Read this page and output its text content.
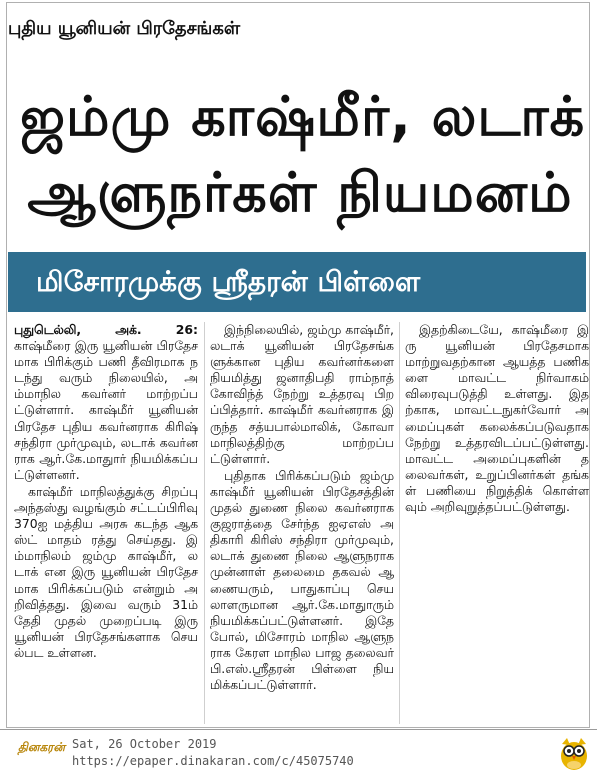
புதிய யூனியன் பிரதேசங்கள்
ஜம்மு காஷ்மீர், லடாக்
ஆளுநர்கள் நியமனம்
மிசோரமுக்கு ஸ்ரீதரன் பிள்ளை

புதுடெல்லி, அக். 26: காஷ்மீரை இரு யூனியன் பிரதேசமாக பிரிக்கும் பணி தீவிரமாக நடந்து வரும் நிலையில், அம்மாநில கவர்னர் மாற்றப்பட்டுள்ளார். காஷ்மீர் யூனியன் பிரதேச புதிய கவர்னராக கிரிஷ் சந்திரா முர்முவும், லடாக் கவர்னராக ஆர்.கே.மாதுார் நியமிக்கப்பட்டுள்ளனர்.

காஷ்மீர் மாநிலத்துக்கு சிறப்பு அந்தஸ்து வழங்கும் சட்டப்பிரிவு 370ஐ மத்திய அரசு கடந்த ஆகஸ்ட் மாதம் ரத்து செய்தது. இம்மாநிலம் ஜம்மு காஷ்மீர், லடாக் என இரு யூனியன் பிரதேசமாக பிரிக்கப்படும் என்றும் அறிவித்தது. இவை வரும் 31ம் தேதி முதல் முறைப்படி இரு யூனியன் பிரதேசங்களாக செயல்பட உள்ளன.

இந்நிலையில், ஜம்மு காஷ்மீர், லடாக் யூனியன் பிரதேசங்களுக்கான புதிய கவர்னர்களை நியமித்து ஜனாதிபதி ராம்நாத் கோவிந்த் நேற்று உத்தரவு பிறப்பித்தார். காஷ்மீர் கவர்னராக இருந்த சத்யபால்மாலிக், கோவா மாநிலத்திற்கு மாற்றப்பட்டுள்ளார்.

புதிதாக பிரிக்கப்படும் ஜம்மு காஷ்மீர் யூனியன் பிரதேசத்தின் முதல் துணை நிலை கவர்னராக குஜராத்தை சேர்ந்த ஐஏஎஸ் அதிகாரி கிரிஸ் சந்திரா முர்முவும், லடாக் துணை நிலை ஆளுநராக முன்னாள் தலைமை தகவல் ஆணையரும், பாதுகாப்பு செயலாளருமான ஆர்.கே.மாதுாரும் நியமிக்கப்பட்டுள்ளனர். இதே போல், மிசோரம் மாநில ஆளுநராக கேரள மாநில பாஜ தலைவர் பி.எஸ்.ஸ்ரீதரன் பிள்ளை நியமிக்கப்பட்டுள்ளார்.

இதற்கிடையே, காஷ்மீரை இரு யூனியன் பிரதேசமாக மாற்றுவதற்கான ஆயத்த பணிகளை மாவட்ட நிர்வாகம் விரைவுபடுத்தி உள்ளது. இதற்காக, மாவட்டநுகர்வோர் அமைப்புகள் கலைக்கப்படுவதாக நேற்று உத்தரவிடப்பட்டுள்ளது. மாவட்ட அமைப்புகளின் தலைவர்கள், உறுப்பினர்கள் தங்கள் பணியை நிறுத்திக் கொள்ளவும் அறிவுறுத்தப்பட்டுள்ளது.

தினகரன் Sat, 26 October 2019
https://epaper.dinakaran.com/c/45075740
